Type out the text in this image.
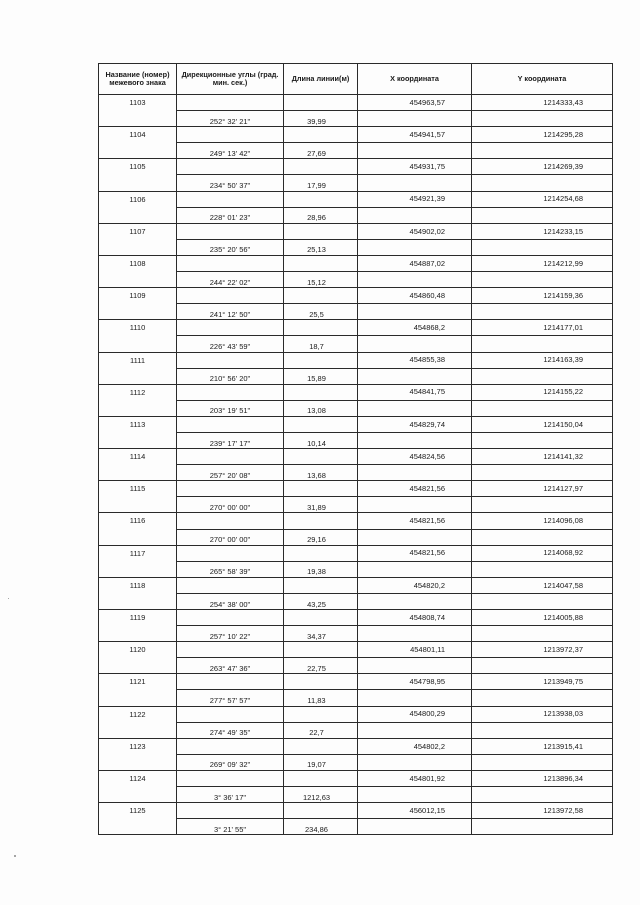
Название (номер) межевого знака	Дирекционные углы (град. мин. сек.)	Длина линии(м)	X координата	Y координата
1103			454963,57	1214333,43
	252° 32' 21"	39,99		
1104			454941,57	1214295,28
	249° 13' 42"	27,69		
1105			454931,75	1214269,39
	234° 50' 37"	17,99		
1106			454921,39	1214254,68
	228° 01' 23"	28,96		
1107			454902,02	1214233,15
	235° 20' 56"	25,13		
1108			454887,02	1214212,99
	244° 22' 02"	15,12		
1109			454860,48	1214159,36
	241° 12' 50"	25,5		
1110			454868,2	1214177,01
	226° 43' 59"	18,7		
1111			454855,38	1214163,39
	210° 56' 20"	15,89		
1112			454841,75	1214155,22
	203° 19' 51"	13,08		
1113			454829,74	1214150,04
	239° 17' 17"	10,14		
1114			454824,56	1214141,32
	257° 20' 08"	13,68		
1115			454821,56	1214127,97
	270° 00' 00"	31,89		
1116			454821,56	1214096,08
	270° 00' 00"	29,16		
1117			454821,56	1214068,92
	265° 58' 39"	19,38		
1118			454820,2	1214047,58
	254° 38' 00"	43,25		
1119			454808,74	1214005,88
	257° 10' 22"	34,37		
1120			454801,11	1213972,37
	263° 47' 36"	22,75		
1121			454798,95	1213949,75
	277° 57' 57"	11,83		
1122			454800,29	1213938,03
	274° 49' 35"	22,7		
1123			454802,2	1213915,41
	269° 09' 32"	19,07		
1124			454801,92	1213896,34
	3° 36' 17"	1212,63		
1125			456012,15	1213972,58
	3° 21' 55"	234,86		
